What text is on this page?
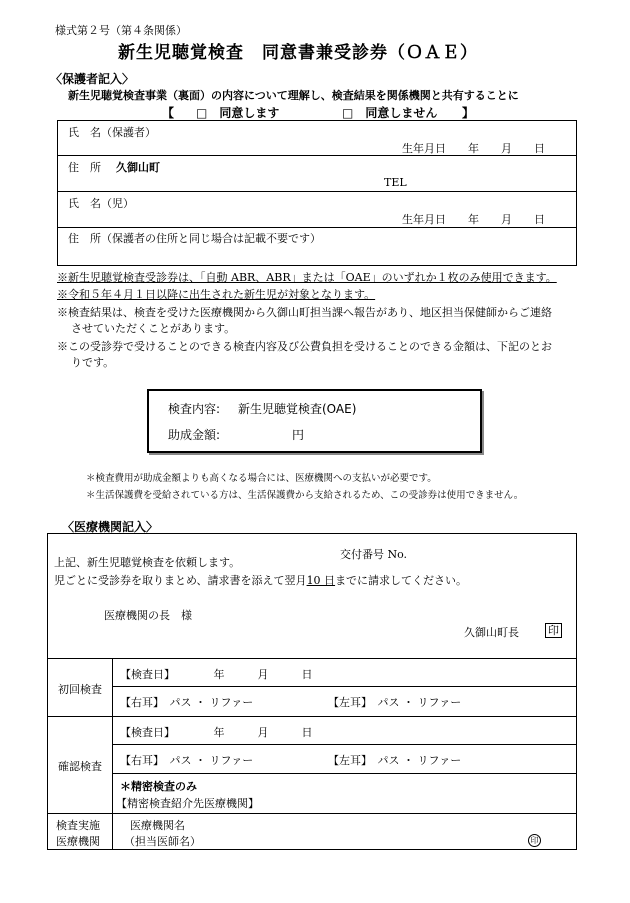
様式第２号（第４条関係）
新生児聴覚検査　同意書兼受診券（ＯＡＥ）
〈保護者記入〉
新生児聴覚検査事業（裏面）の内容について理解し、検査結果を関係機関と共有することに
【 □　同意します	□　同意しません 】
氏　名（保護者）
生年月日　　年　　月　　日
住　所 久御山町
TEL
氏　名（児）
生年月日　　年　　月　　日
住　所（保護者の住所と同じ場合は記載不要です）
※新生児聴覚検査受診券は、「自動 ABR、ABR」または「OAE」のいずれか１枚のみ使用できます。
※令和５年４月１日以降に出生された新生児が対象となります。
※検査結果は、検査を受けた医療機関から久御山町担当課へ報告があり、地区担当保健師からご連絡
させていただくことがあります。
※この受診券で受けることのできる検査内容及び公費負担を受けることのできる金額は、下記のとお
りです。
検査内容: 新生児聴覚検査(OAE)
助成金額:	円
＊検査費用が助成金額よりも高くなる場合には、医療機関への支払いが必要です。
＊生活保護費を受給されている方は、生活保護費から支給されるため、この受診券は使用できません。
〈医療機関記入〉
上記、新生児聴覚検査を依頼します。
交付番号 No.
児ごとに受診券を取りまとめ、請求書を添えて翌月10 日までに請求してください。
医療機関の長　様
久御山町長	印
初回検査
【検査日】　　　　年　　　月　　　日
【右耳】　パス ・ リファー	【左耳】　パス ・ リファー
確認検査
【検査日】　　　　年　　　月　　　日
【右耳】　パス ・ リファー	【左耳】　パス ・ リファー
＊精密検査のみ
【精密検査紹介先医療機関】
検査実施
医療機関
医療機関名
（担当医師名）	印
